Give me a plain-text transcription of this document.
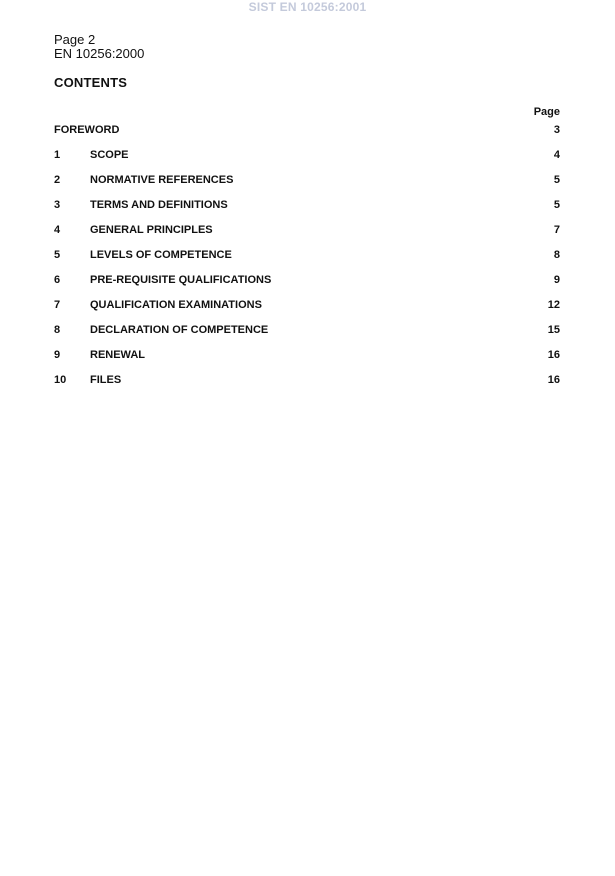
SIST EN 10256:2001
Page 2
EN 10256:2000
CONTENTS
Page
FOREWORD	3
1	SCOPE	4
2	NORMATIVE REFERENCES	5
3	TERMS AND DEFINITIONS	5
4	GENERAL PRINCIPLES	7
5	LEVELS OF COMPETENCE	8
6	PRE-REQUISITE QUALIFICATIONS	9
7	QUALIFICATION EXAMINATIONS	12
8	DECLARATION OF COMPETENCE	15
9	RENEWAL	16
10 FILES	16
